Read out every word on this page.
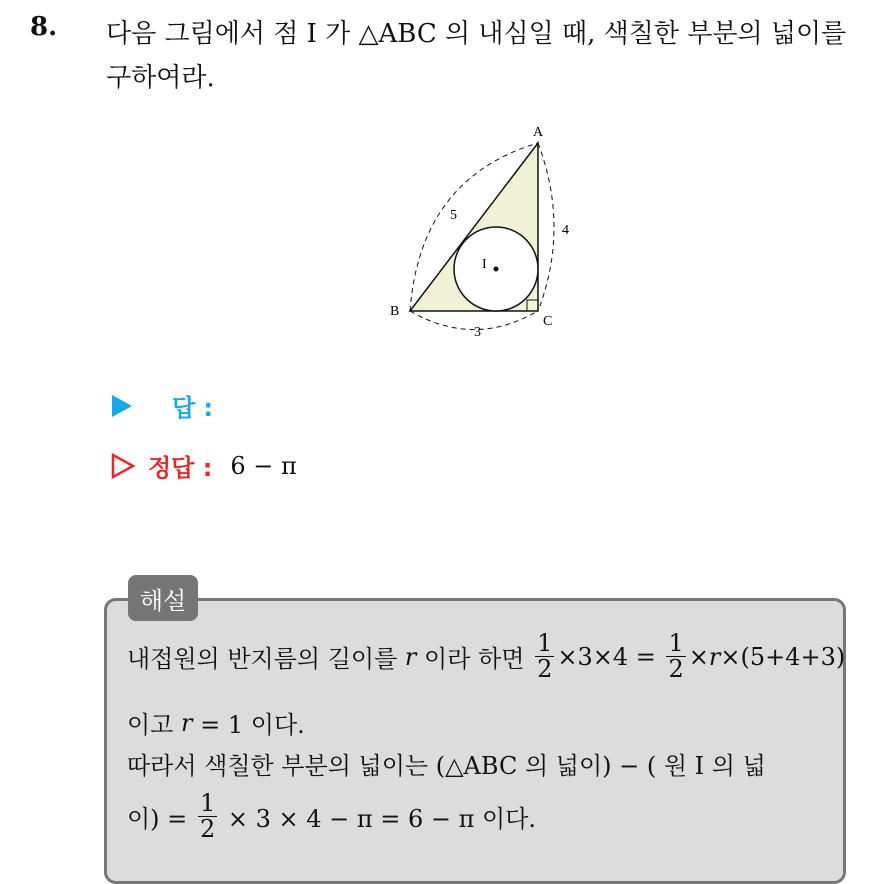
8. 다음 그림에서 점 I 가 △ABC 의 내심일 때, 색칠한 부분의 넓이를 구하여라.
A
B
C
I
5
4
3
답 :
정답 : 6 − π
해설
내접원의 반지름의 길이를
r
이라 하면
$\frac{1}{2} \times 3\times 4$ =
$\frac{1}{2} \times r \times(5+4+3)$
이고
r
= 1 이다.
따라서 색칠한 부분의 넓이는 (△ABC 의 넓이) − ( 원 I 의 넓
이) =
$\frac{1}{2}$
× 3 × 4 − π = 6 − π 이다.
